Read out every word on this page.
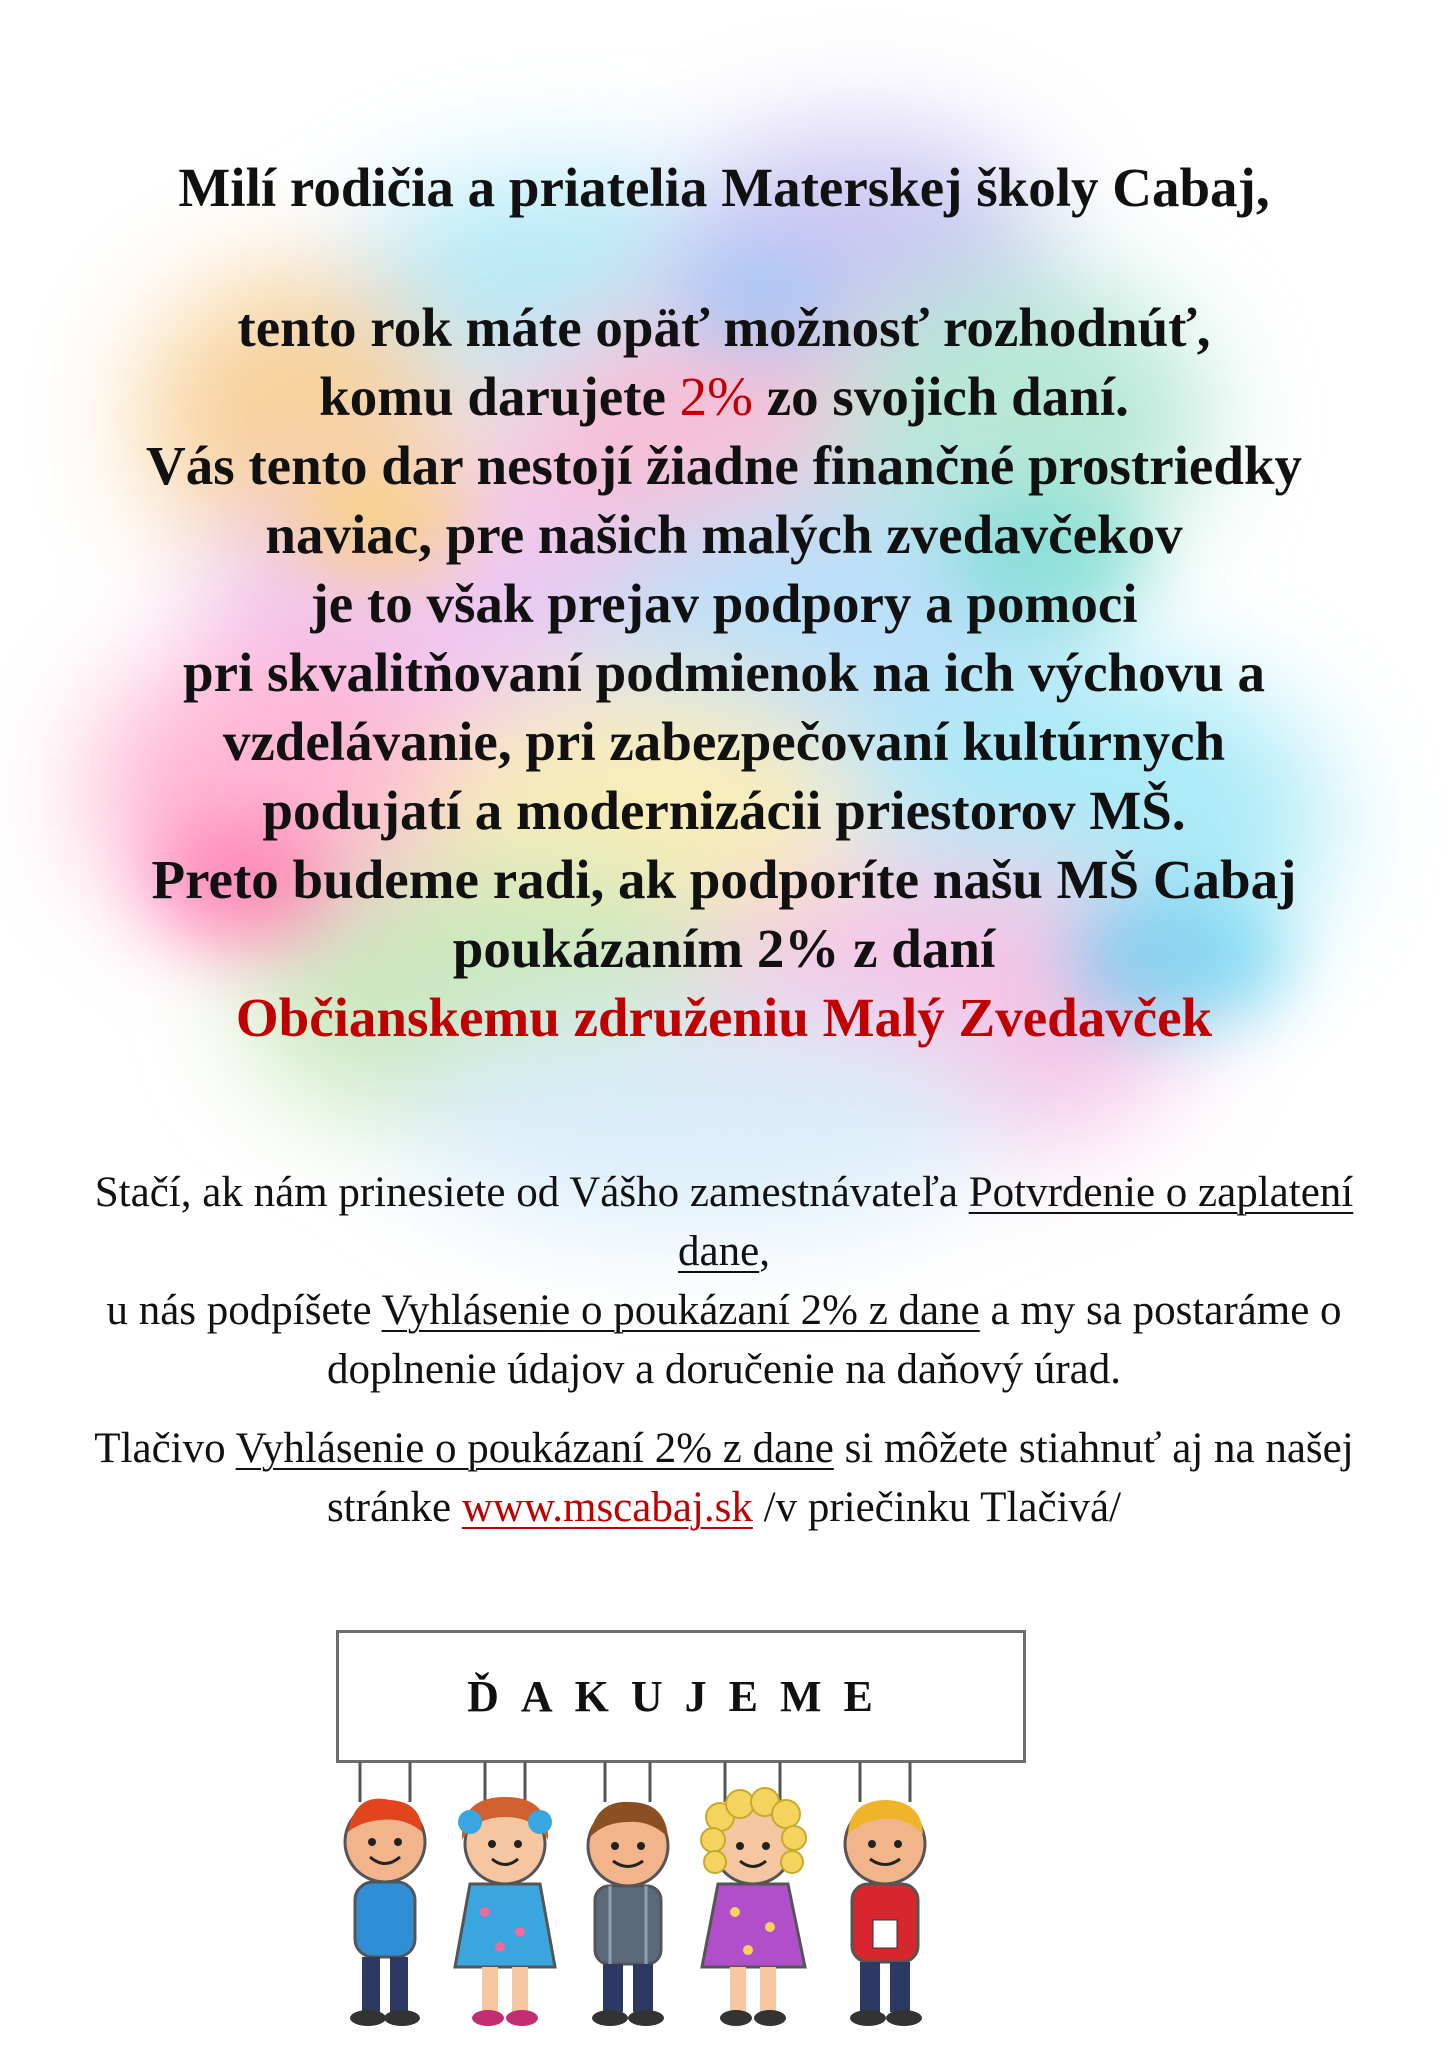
Milí rodičia a priatelia Materskej školy Cabaj,
tento rok máte opäť možnosť rozhodnúť,
komu darujete 2% zo svojich daní.
Vás tento dar nestojí žiadne finančné prostriedky
naviac, pre našich malých zvedavčekov
je to však prejav podpory a pomoci
pri skvalitňovaní podmienok na ich výchovu a
vzdelávanie, pri zabezpečovaní kultúrnych
podujatí a modernizácii priestorov MŠ.
Preto budeme radi, ak podporíte našu MŠ Cabaj
poukázaním 2% z daní
Občianskemu združeniu Malý Zvedavček

Stačí, ak nám prinesiete od Vášho zamestnávateľa Potvrdenie o zaplatení dane,
u nás podpíšete Vyhlásenie o poukázaní 2% z dane a my sa postaráme o doplnenie údajov a doručenie na daňový úrad.

Tlačivo Vyhlásenie o poukázaní 2% z dane si môžete stiahnuť aj na našej stránke www.mscabaj.sk /v priečinku Tlačivá/

ĎAKUJEME
